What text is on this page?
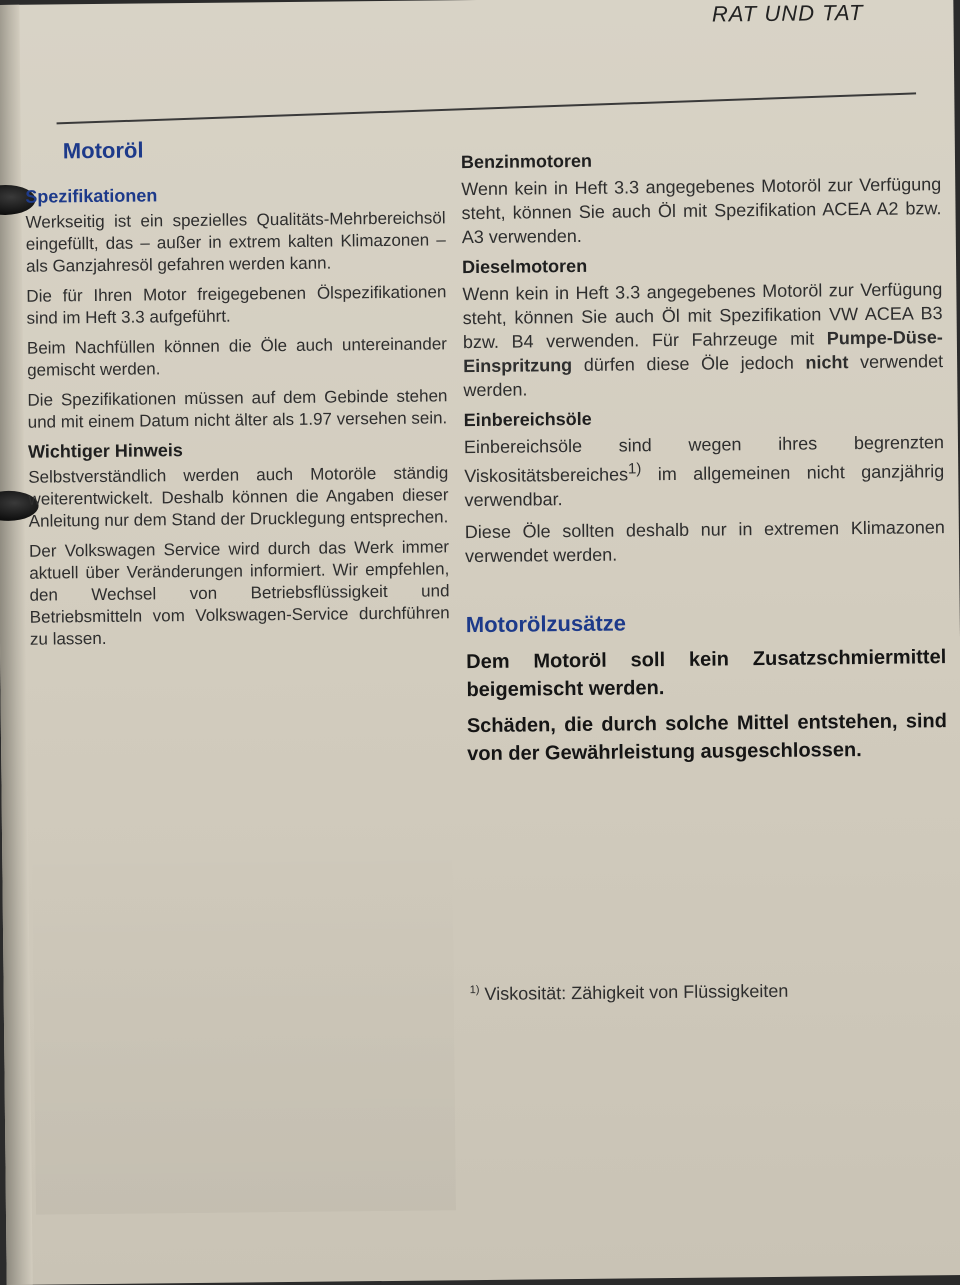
RAT UND TAT
Motoröl
Spezifikationen

Werkseitig ist ein spezielles Qualitäts-Mehrbereichsöl eingefüllt, das – außer in extrem kalten Klimazonen – als Ganzjahresöl gefahren werden kann.

Die für Ihren Motor freigegebenen Ölspezifikationen sind im Heft 3.3 aufgeführt.

Beim Nachfüllen können die Öle auch untereinander gemischt werden.

Die Spezifikationen müssen auf dem Gebinde stehen und mit einem Datum nicht älter als 1.97 versehen sein.

Wichtiger Hinweis

Selbstverständlich werden auch Motoröle ständig weiterentwickelt. Deshalb können die Angaben dieser Anleitung nur dem Stand der Drucklegung entsprechen.

Der Volkswagen Service wird durch das Werk immer aktuell über Veränderungen informiert. Wir empfehlen, den Wechsel von Betriebsflüssigkeit und Betriebsmitteln vom Volkswagen-Service durchführen zu lassen.

Benzinmotoren

Wenn kein in Heft 3.3 angegebenes Motoröl zur Verfügung steht, können Sie auch Öl mit Spezifikation ACEA A2 bzw. A3 verwenden.

Dieselmotoren

Wenn kein in Heft 3.3 angegebenes Motoröl zur Verfügung steht, können Sie auch Öl mit Spezifikation VW ACEA B3 bzw. B4 verwenden. Für Fahrzeuge mit Pumpe-Düse-Einspritzung dürfen diese Öle jedoch nicht verwendet werden.

Einbereichsöle

Einbereichsöle sind wegen ihres begrenzten Viskositätsbereiches$^{1)}$ im allgemeinen nicht ganzjährig verwendbar.

Diese Öle sollten deshalb nur in extremen Klimazonen verwendet werden.

Motorölzusätze

Dem Motoröl soll kein Zusatzschmiermittel beigemischt werden.

Schäden, die durch solche Mittel entstehen, sind von der Gewährleistung ausgeschlossen.

$^{1)}$ Viskosität: Zähigkeit von Flüssigkeiten
